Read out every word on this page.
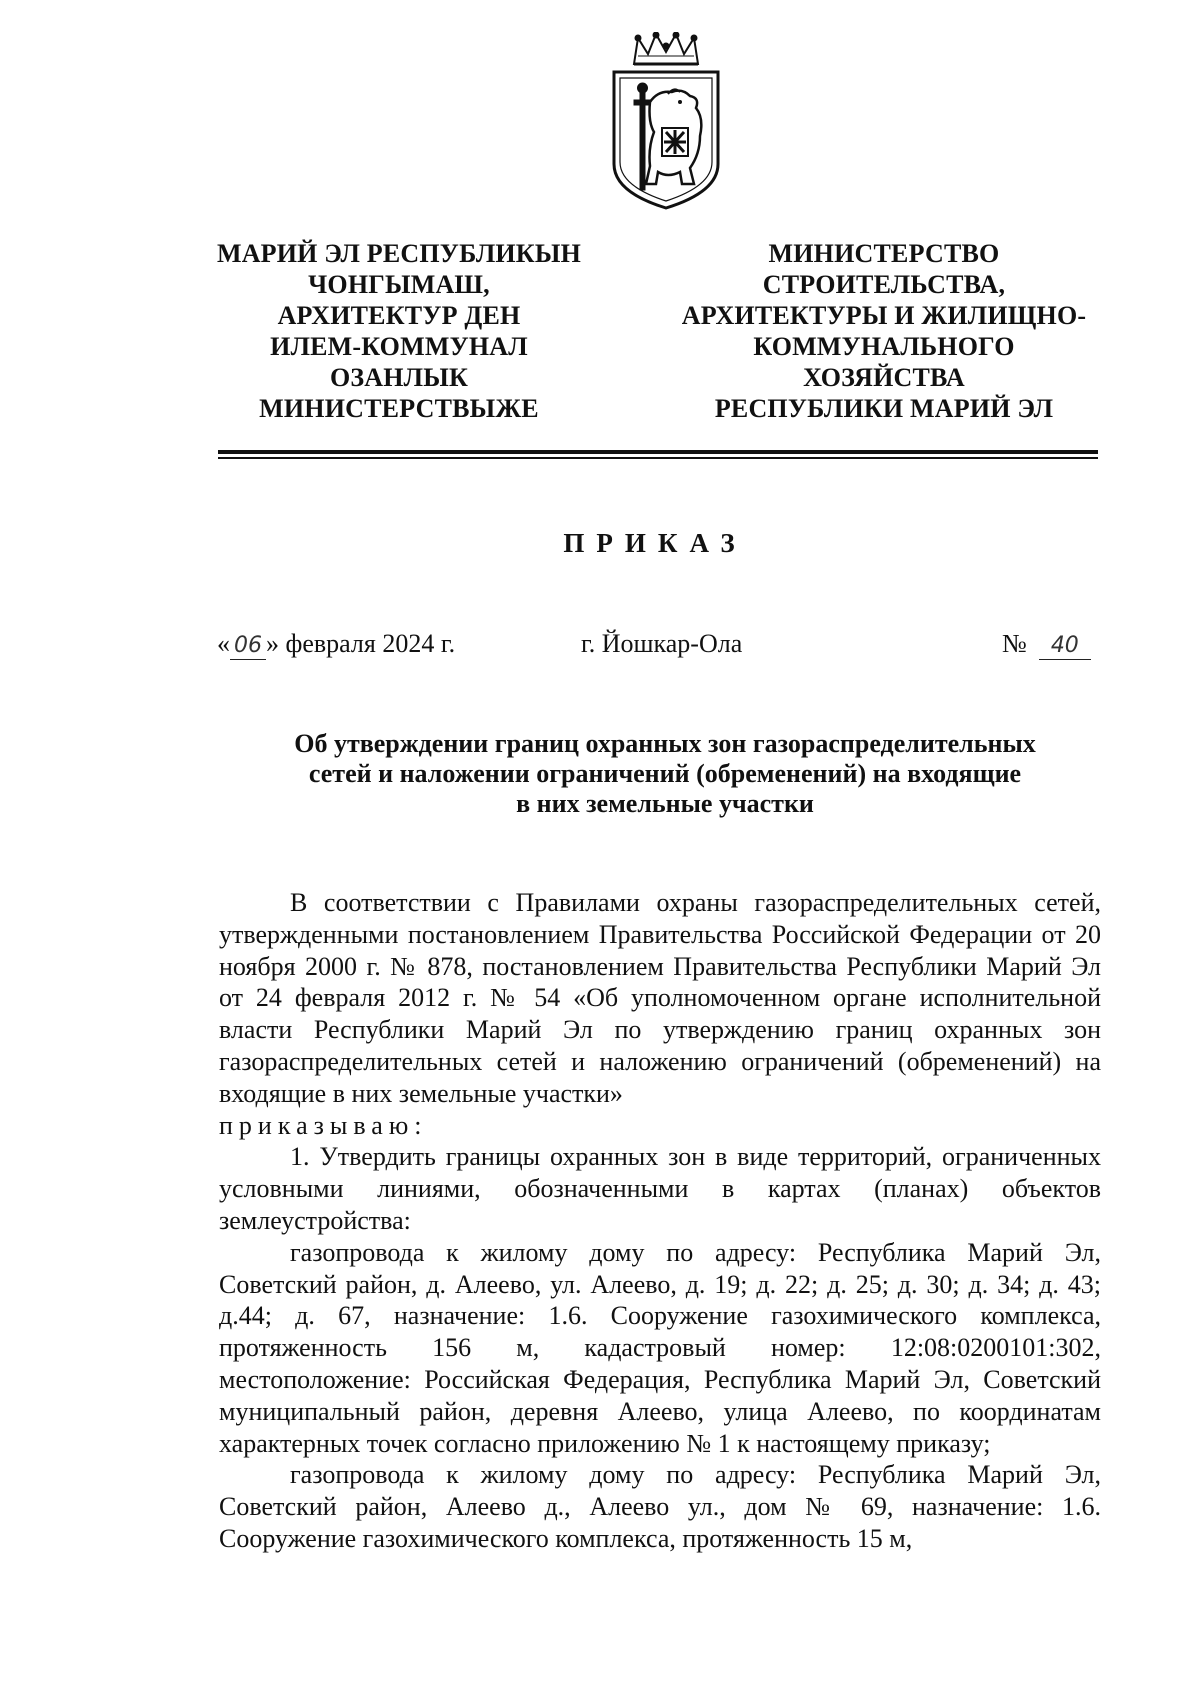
МАРИЙ ЭЛ РЕСПУБЛИКЫН
ЧОНГЫМАШ,
АРХИТЕКТУР ДЕН
ИЛЕМ-КОММУНАЛ
ОЗАНЛЫК
МИНИСТЕРСТВЫЖЕ
МИНИСТЕРСТВО
СТРОИТЕЛЬСТВА,
АРХИТЕКТУРЫ И ЖИЛИЩНО-
КОММУНАЛЬНОГО
ХОЗЯЙСТВА
РЕСПУБЛИКИ МАРИЙ ЭЛ
ПРИКАЗ
« 06 » февраля 2024 г.	г. Йошкар-Ола	№ 40
Об утверждении границ охранных зон газораспределительных
сетей и наложении ограничений (обременений) на входящие
в них земельные участки

В соответствии с Правилами охраны газораспределительных сетей, утвержденными постановлением Правительства Российской Федерации от 20 ноября 2000 г. № 878, постановлением Правительства Республики Марий Эл от 24 февраля 2012 г. № 54 «Об уполномоченном органе исполнительной власти Республики Марий Эл по утверждению границ охранных зон газораспределительных сетей и наложению ограничений (обременений) на входящие в них земельные участки»

приказываю:

1. Утвердить границы охранных зон в виде территорий, ограниченных условными линиями, обозначенными в картах (планах) объектов землеустройства:

газопровода к жилому дому по адресу: Республика Марий Эл, Советский район, д. Алеево, ул. Алеево, д. 19; д. 22; д. 25; д. 30; д. 34; д. 43; д.44; д. 67, назначение: 1.6. Сооружение газохимического комплекса, протяженность 156 м, кадастровый номер: 12:08:0200101:302, местоположение: Российская Федерация, Республика Марий Эл, Советский муниципальный район, деревня Алеево, улица Алеево, по координатам характерных точек согласно приложению № 1 к настоящему приказу;

газопровода к жилому дому по адресу: Республика Марий Эл, Советский район, Алеево д., Алеево ул., дом № 69, назначение: 1.6. Сооружение газохимического комплекса, протяженность 15 м,
